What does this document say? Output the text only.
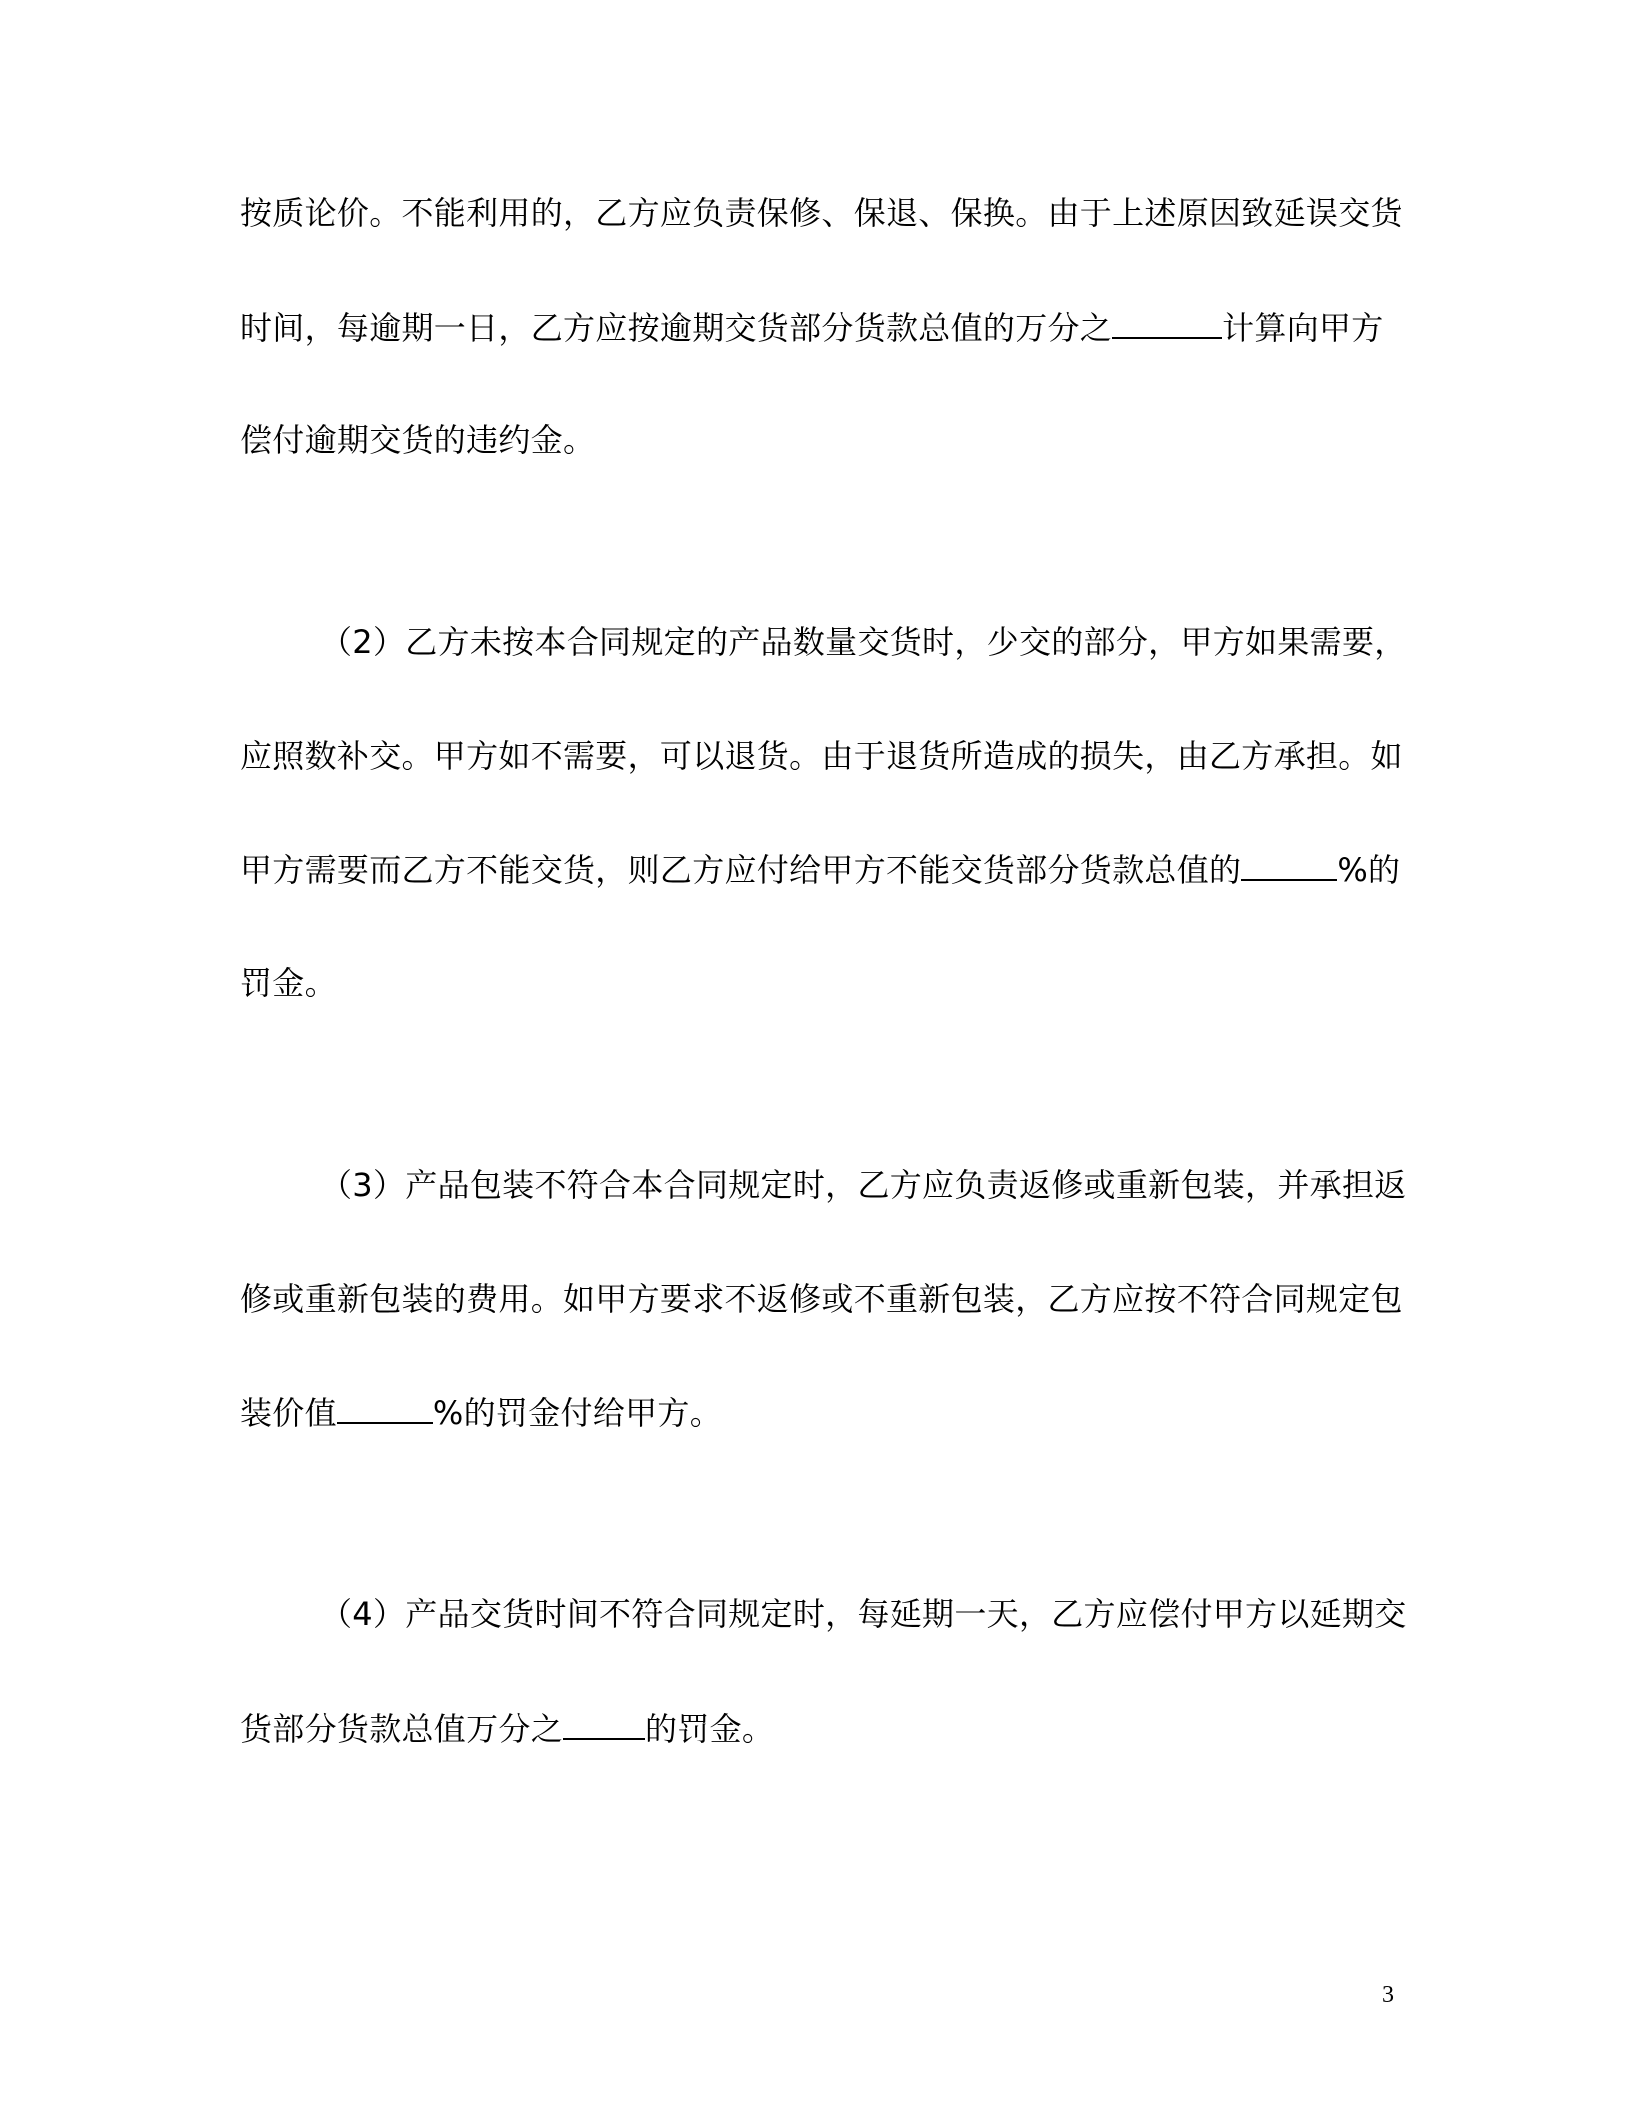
按质论价。不能利用的，乙方应负责保修、保退、保换。由于上述原因致延误交货
时间，每逾期一日，乙方应按逾期交货部分货款总值的万分之	计算向甲方
偿付逾期交货的违约金。
（2）乙方未按本合同规定的产品数量交货时，少交的部分，甲方如果需要，
应照数补交。甲方如不需要，可以退货。由于退货所造成的损失，由乙方承担。如
甲方需要而乙方不能交货，则乙方应付给甲方不能交货部分货款总值的	%的
罚金。
（3）产品包装不符合本合同规定时，乙方应负责返修或重新包装，并承担返
修或重新包装的费用。如甲方要求不返修或不重新包装，乙方应按不符合同规定包
装价值	%的罚金付给甲方。
（4）产品交货时间不符合同规定时，每延期一天，乙方应偿付甲方以延期交
货部分货款总值万分之	的罚金。
3
